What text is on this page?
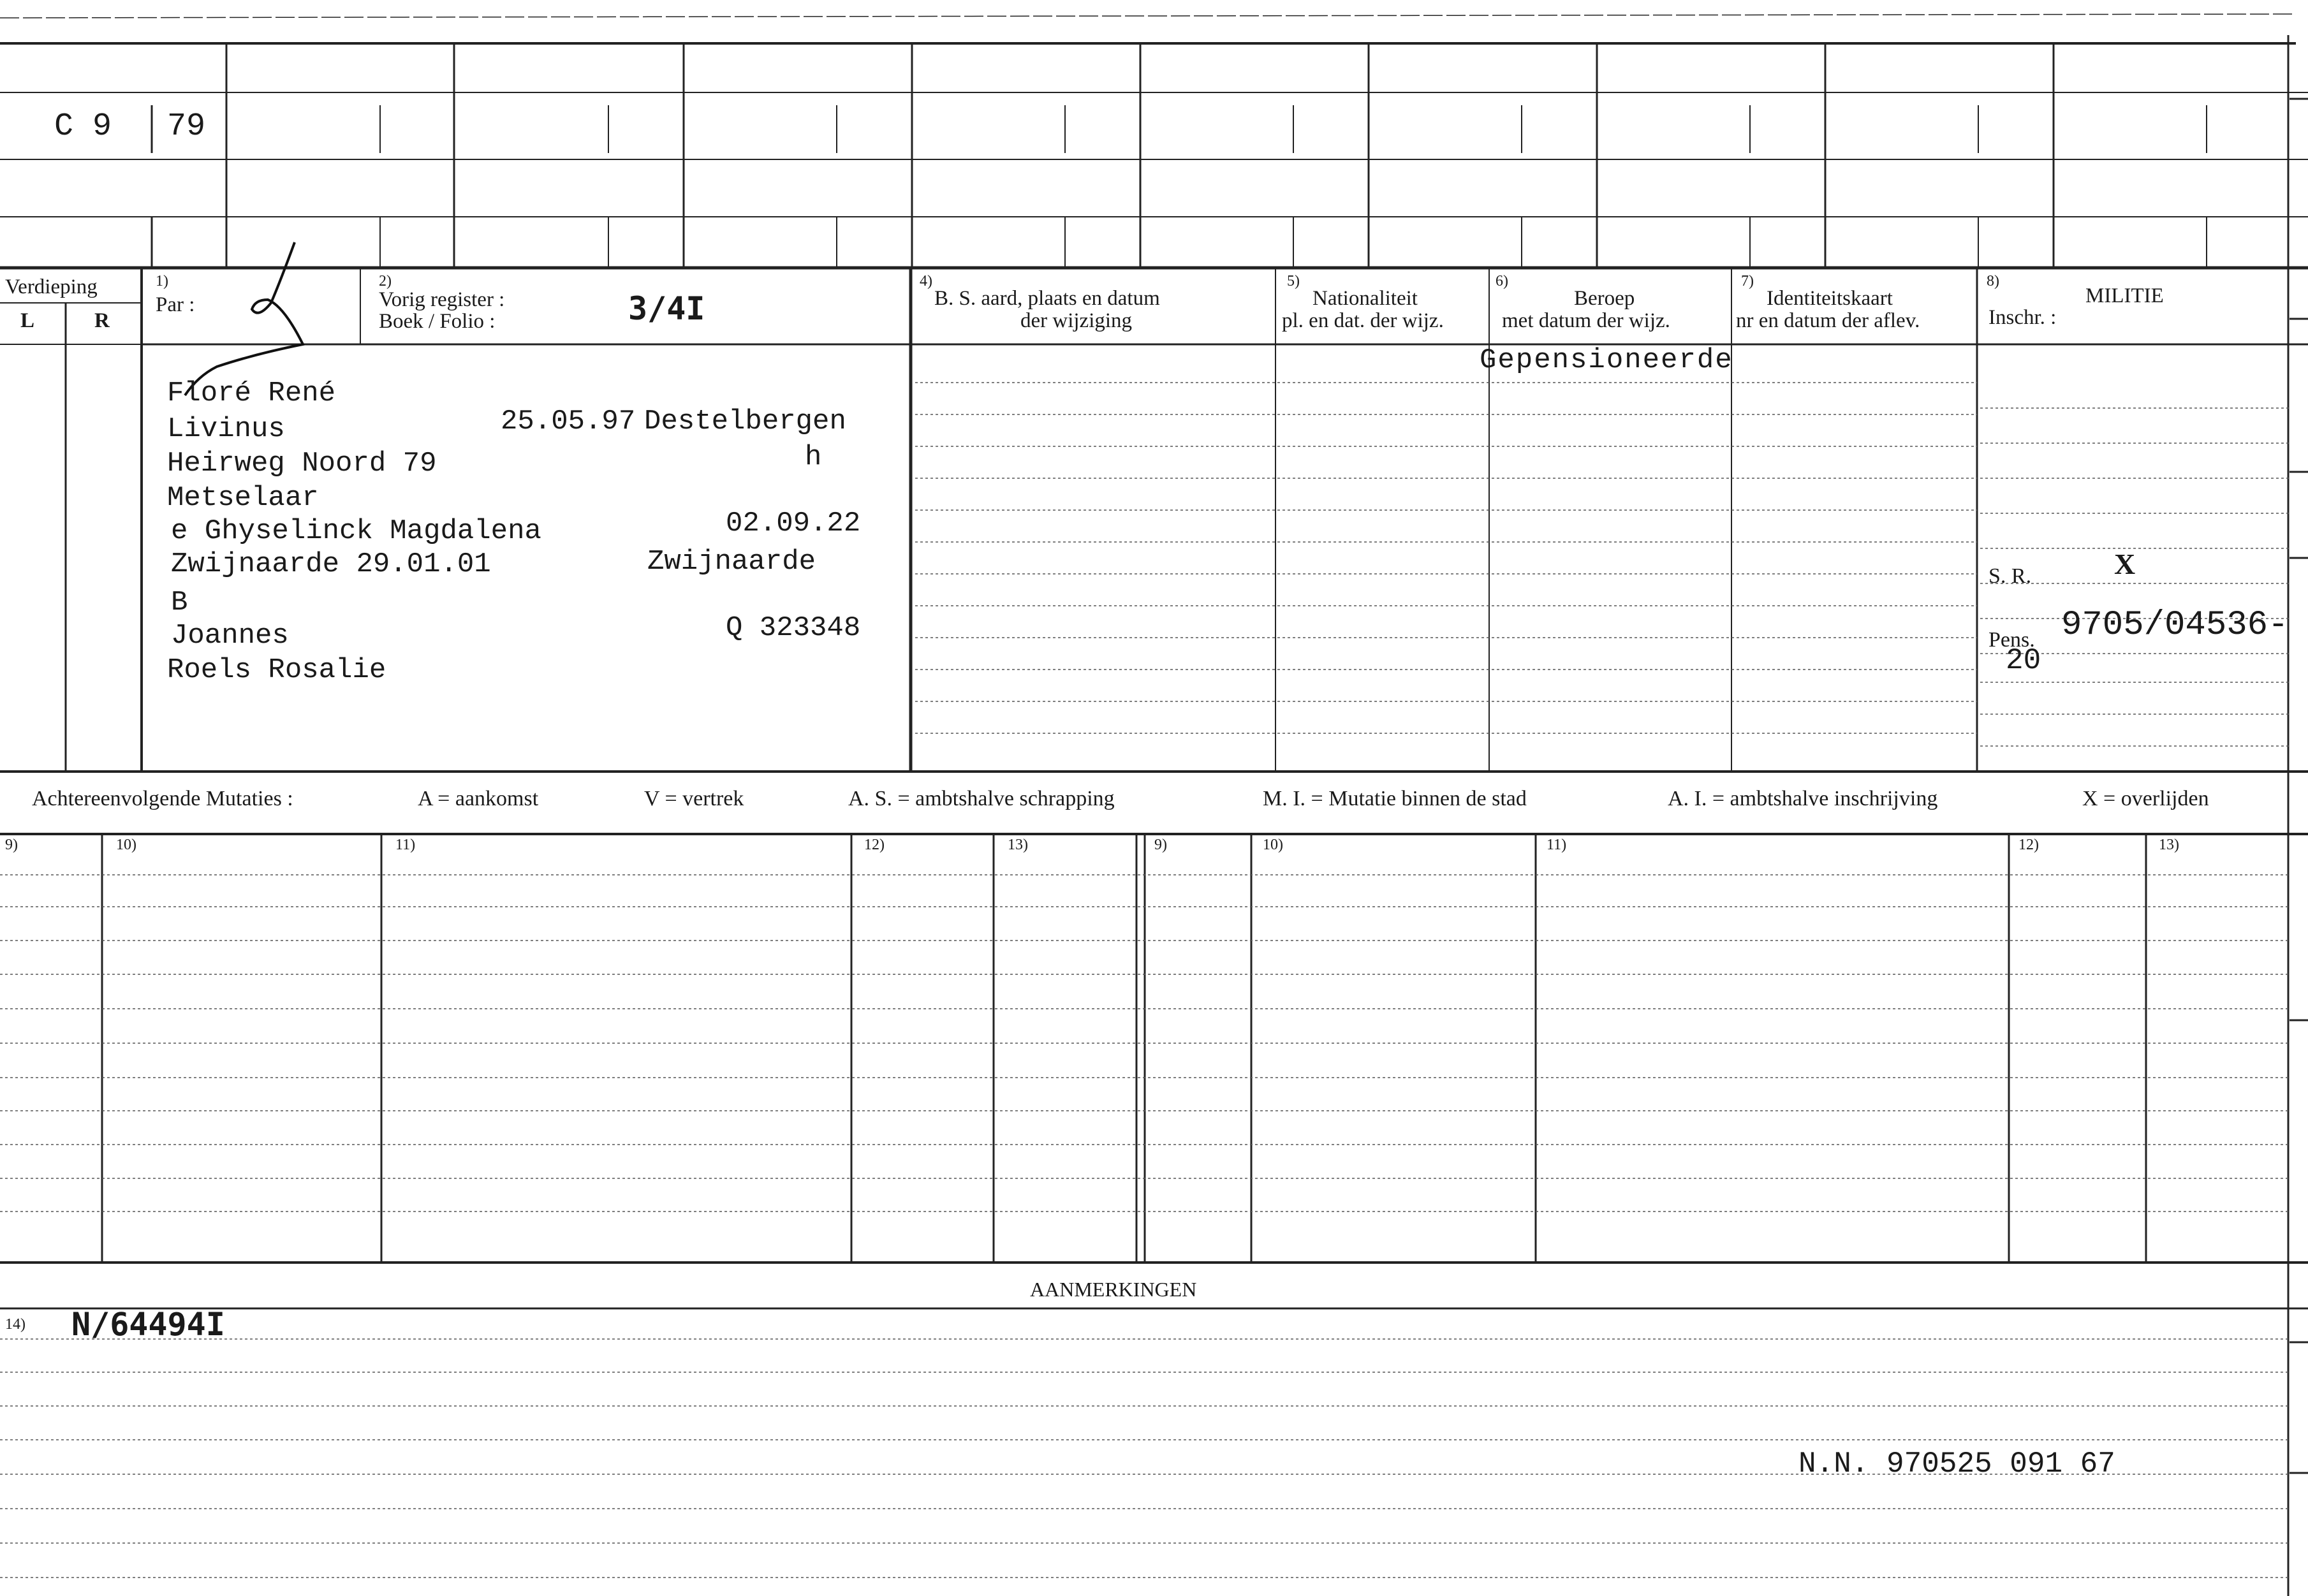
C 9 79
Verdieping
L	R
1)
Par :
2)
Vorig register :
Boek / Folio :	3/4I
4)
B. S. aard, plaats en datum
der wijziging
5)
Nationaliteit
pl. en dat. der wijz.
6)
Beroep
met datum der wijz.
7)
Identiteitskaart
nr en datum der aflev.
8)
MILITIE
Inschr. :
Floré René
Livinus	25.05.97 Destelbergen
Heirweg Noord 79	h
Metselaar
e Ghyselinck Magdalena	02.09.22
Zwijnaarde 29.01.01	Zwijnaarde
B
Joannes	Q 323348
Roels Rosalie
Gepensioneerde
S. R.	X
Pens. 9705/04536-
20
Achtereenvolgende Mutaties :	A = aankomst	V = vertrek	A. S. = ambtshalve schrapping	M. I. = Mutatie binnen de stad	A. I. = ambtshalve inschrijving	X = overlijden
9)	10)	11)	12)	13)	9)	10)	11)	12)	13)
AANMERKINGEN
14) N/64494I
N.N. 970525 091 67
